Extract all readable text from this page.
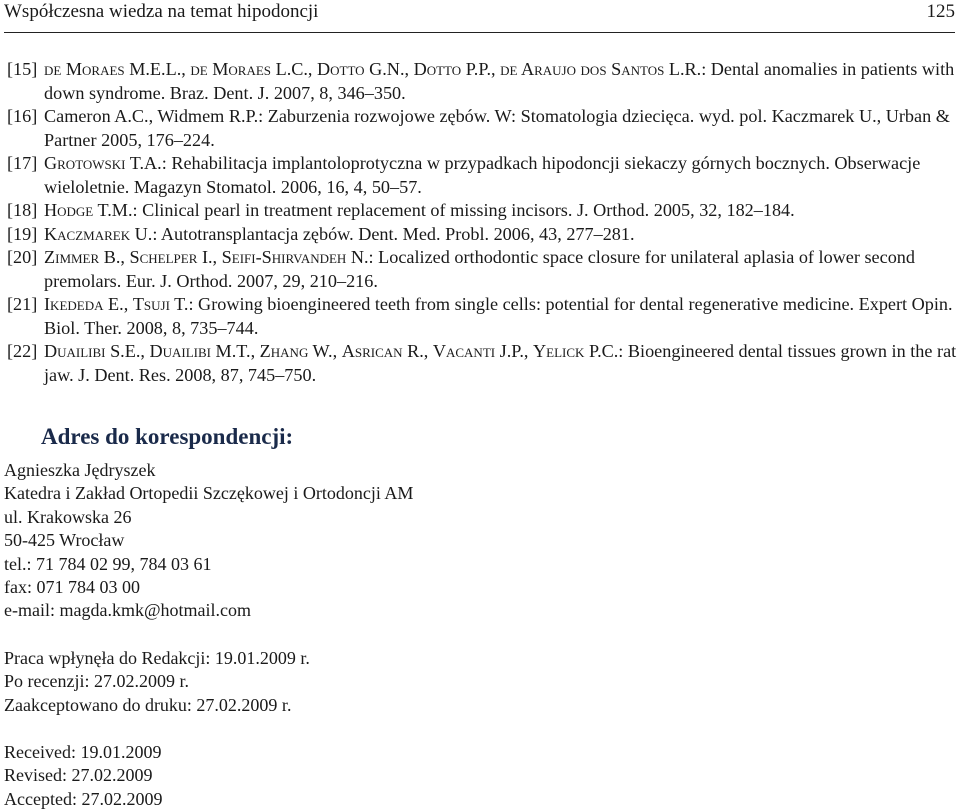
Współczesna wiedza na temat hipodoncji	125
[15] de Moraes M.E.L., de Moraes L.C., Dotto G.N., Dotto P.P., de Araujo dos Santos L.R.: Dental anomalies in patients with down syndrome. Braz. Dent. J. 2007, 8, 346–350.
[16] Cameron A.C., Widmem R.P.: Zaburzenia rozwojowe zębów. W: Stomatologia dziecięca. wyd. pol. Kaczmarek U., Urban & Partner 2005, 176–224.
[17] Grotowski T.A.: Rehabilitacja implantoloprotyczna w przypadkach hipodoncji siekaczy górnych bocznych. Obserwacje wieloletnie. Magazyn Stomatol. 2006, 16, 4, 50–57.
[18] Hodge T.M.: Clinical pearl in treatment replacement of missing incisors. J. Orthod. 2005, 32, 182–184.
[19] Kaczmarek U.: Autotransplantacja zębów. Dent. Med. Probl. 2006, 43, 277–281.
[20] Zimmer B., Schelper I., Seifi-Shirvandeh N.: Localized orthodontic space closure for unilateral aplasia of lower second premolars. Eur. J. Orthod. 2007, 29, 210–216.
[21] Ikededa E., Tsuji T.: Growing bioengineered teeth from single cells: potential for dental regenerative medicine. Expert Opin. Biol. Ther. 2008, 8, 735–744.
[22] Duailibi S.E., Duailibi M.T., Zhang W., Asrican R., Vacanti J.P., Yelick P.C.: Bioengineered dental tissues grown in the rat jaw. J. Dent. Res. 2008, 87, 745–750.
Adres do korespondencji:
Agnieszka Jędryszek
Katedra i Zakład Ortopedii Szczękowej i Ortodoncji AM
ul. Krakowska 26
50-425 Wrocław
tel.: 71 784 02 99, 784 03 61
fax: 071 784 03 00
e-mail: magda.kmk@hotmail.com
Praca wpłynęła do Redakcji: 19.01.2009 r.
Po recenzji: 27.02.2009 r.
Zaakceptowano do druku: 27.02.2009 r.
Received: 19.01.2009
Revised: 27.02.2009
Accepted: 27.02.2009
